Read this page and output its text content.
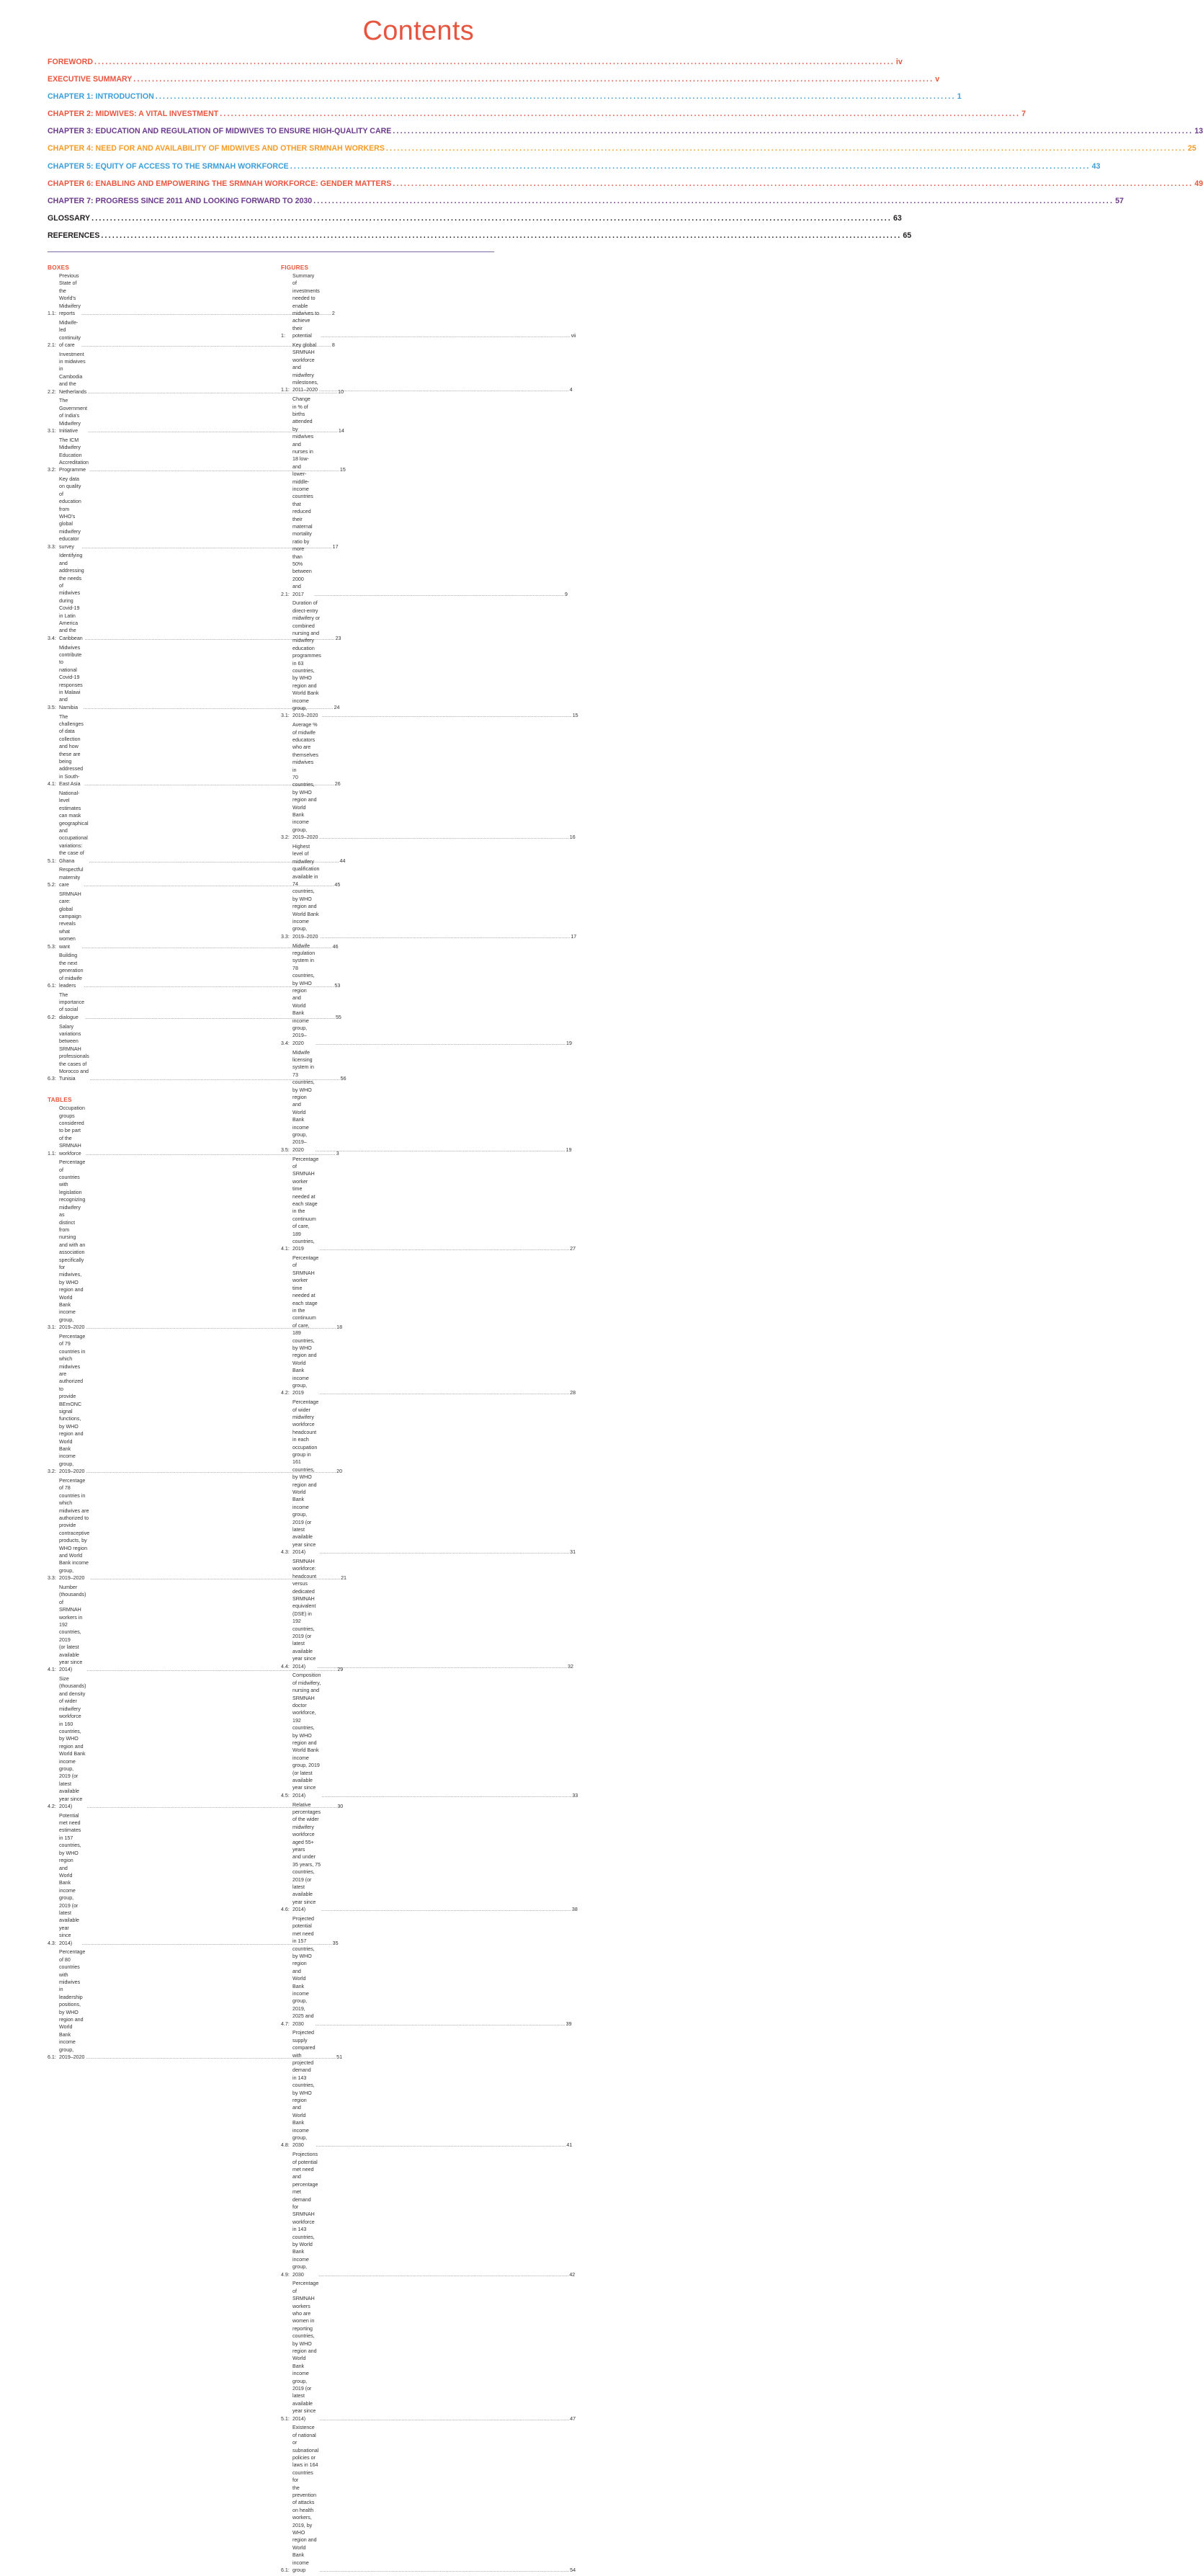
Contents
FOREWORD .....	iv
EXECUTIVE SUMMARY .....	v
CHAPTER 1: INTRODUCTION .....	1
CHAPTER 2: MIDWIVES: A VITAL INVESTMENT .....	7
CHAPTER 3: EDUCATION AND REGULATION OF MIDWIVES TO ENSURE HIGH-QUALITY CARE .....	13
CHAPTER 4: NEED FOR AND AVAILABILITY OF MIDWIVES AND OTHER SRMNAH WORKERS .....	25
CHAPTER 5: EQUITY OF ACCESS TO THE SRMNAH WORKFORCE .....	43
CHAPTER 6: ENABLING AND EMPOWERING THE SRMNAH WORKFORCE: GENDER MATTERS .....	49
CHAPTER 7: PROGRESS SINCE 2011 AND LOOKING FORWARD TO 2030 .....	57
GLOSSARY .....	63
REFERENCES .....	65
BOXES
1.1:
Previous State of the World's Midwifery reports .....	2
2.1:
Midwife-led continuity of care .....	8
2.2:
Investment in midwives in Cambodia and the Netherlands .....	10
3.1:
The Government of India's Midwifery Initiative .....	14
3.2:
The ICM Midwifery Education Accreditation Programme .....	15
3.3:
Key data on quality of education from WHO's global midwifery
educator survey .....	17
3.4:
Identifying and addressing the needs of midwives during Covid-19
in Latin America and the Caribbean .....	23
3.5:
Midwives contribute to national Covid-19 responses in Malawi
and Namibia .....	24
4.1:
The challenges of data collection and how these are being addressed
in South-East Asia .....	26
5.1:
National-level estimates can mask geographical and occupational
variations: the case of Ghana .....	44
5.2:
Respectful maternity care .....	45
5.3:
SRMNAH care: global campaign reveals what women want .....	46
6.1:
Building the next generation of midwife leaders .....	53
6.2:
The importance of social dialogue .....	55
6.3:
Salary variations between SRMNAH professionals
the cases of Morocco and Tunisia .....	56
TABLES
1.1:
Occupation groups considered to be part of the SRMNAH workforce .....	3
3.1:
Percentage of countries with legislation recognizing midwifery as
distinct from nursing and with an association specifically for midwives,
by WHO region and World Bank income group, 2019–2020 .....	18
3.2:
Percentage of 79 countries in which midwives are authorized to
provide BEmONC signal functions, by WHO region and World Bank
income group, 2019–2020 .....	20
3.3:
Percentage of 78 countries in which midwives are authorized to provide
contraceptive products, by WHO region and World Bank income group,
2019–2020 .....	21
4.1:
Number (thousands) of SRMNAH workers in 192 countries, 2019
(or latest available year since 2014) .....	29
4.2:
Size (thousands) and density of wider midwifery workforce in 160 countries,
by WHO region and World Bank income group, 2019 (or latest available
year since 2014) .....	30
4.3:
Potential met need estimates in 157 countries, by WHO region and
World Bank income group, 2019 (or latest available year since 2014) .....	35
6.1:
Percentage of 80 countries with midwives in leadership positions,
by WHO region and World Bank income group, 2019–2020 .....	51
FIGURES
1:
Summary of investments needed to enable midwives to achieve
their potential .....	vii
1.1:
Key global SRMNAH workforce and midwifery milestones, 2011–2020 .....	4
2.1:
Change in % of births attended by midwives and nurses in 18 low-
and lower-middle-income countries that reduced their maternal mortality
ratio by more than 50% between 2000 and 2017 .....	9
3.1:
Duration of direct-entry midwifery or combined nursing and midwifery
education programmes in 63 countries, by WHO region and World Bank
income group, 2019–2020 .....	15
3.2:
Average % of midwife educators who are themselves midwives in
70 countries, by WHO region and World Bank income group, 2019–2020 .....	16
3.3:
Highest level of midwifery qualification available in 74 countries,
by WHO region and World Bank income group, 2019–2020 .....	17
3.4:
Midwife regulation system in 78 countries, by WHO region and
World Bank income group, 2019–2020 .....	19
3.5:
Midwife licensing system in 73 countries, by WHO region and
World Bank income group, 2019–2020 .....	19
4.1:
Percentage of SRMNAH worker time needed at each stage in the
continuum of care, 189 countries, 2019 .....	27
4.2:
Percentage of SRMNAH worker time needed at each stage in the
continuum of care, 189 countries, by WHO region and World Bank
income group, 2019 .....	28
4.3:
Percentage of wider midwifery workforce headcount in each occupation
group in 161 countries, by WHO region and World Bank income group,
2019 (or latest available year since 2014) .....	31
4.4:
SRMNAH workforce: headcount versus dedicated SRMNAH equivalent
(DSE) in 192 countries, 2019 (or latest available year since 2014) .....	32
4.5:
Composition of midwifery, nursing and SRMNAH doctor workforce,
192 countries, by WHO region and World Bank income group, 2019
(or latest available year since 2014) .....	33
4.6:
Relative percentages of the wider midwifery workforce aged 55+ years
and under 35 years, 75 countries, 2019 (or latest available year since 2014) .....	38
4.7:
Projected potential met need in 157 countries, by WHO region and
World Bank income group, 2019, 2025 and 2030 .....	39
4.8:
Projected supply compared with projected demand in 143 countries,
by WHO region and World Bank income group, 2030 .....	41
4.9:
Projections of potential met need and percentage met demand for
SRMNAH workforce in 143 countries, by World Bank income group, 2030 .....	42
5.1:
Percentage of SRMNAH workers who are women in reporting countries,
by WHO region and World Bank income group, 2019 (or latest available
year since 2014) .....	47
6.1:
Existence of national or subnational policies or laws in 164 countries for
the prevention of attacks on health workers, 2019, by WHO region and
World Bank income group .....	54
